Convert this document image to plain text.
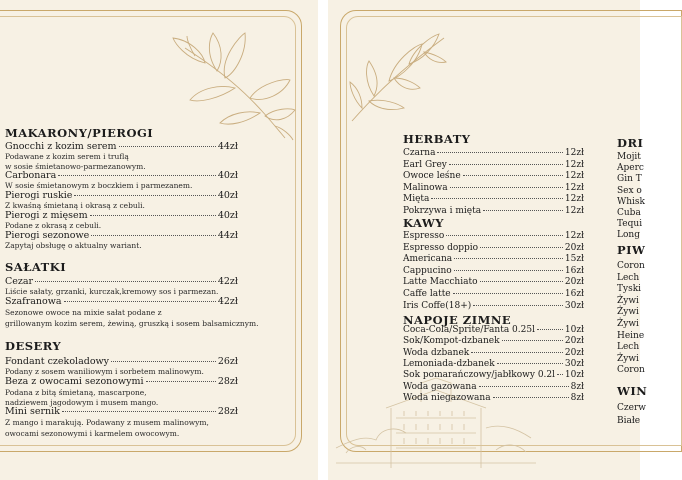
MAKARONY/PIEROGI
Gnocchi z kozim serem	44zł
Podawane z kozim serem i truflą
w sosie śmietanowo-parmezanowym.
Carbonara	40zł
W sosie śmietanowym z boczkiem i parmezanem.
Pierogi ruskie	40zł
Z kwaśną śmietaną i okrasą z cebuli.
Pierogi z mięsem	40zł
Podane z okrasą z cebuli.
Pierogi sezonowe	44zł
Zapytaj obsługę o aktualny wariant.
SAŁATKI
Cezar	42zł
Liście sałaty, grzanki, kurczak,kremowy sos i parmezan.
Szafranowa	42zł
Sezonowe owoce na mixie sałat podane z
grillowanym kozim serem, żewiną, gruszką i sosem balsamicznym.
DESERY
Fondant czekoladowy	26zł
Podany z sosem waniliowym i sorbetem malinowym.
Beza z owocami sezonowymi	28zł
Podana z bitą śmietaną, mascarpone,
nadziewem jagodowym i musem mango.
Mini sernik	28zł
Z mango i marakują. Podawany z musem malinowym,
owocami sezonowymi i karmelem owocowym.
HERBATY
Czarna	12zł
Earl Grey	12zł
Owoce leśne	12zł
Malinowa	12zł
Mięta	12zł
Pokrzywa i mięta	12zł
KAWY
Espresso	12zł
Espresso doppio	20zł
Americana	15zł
Cappucino	16zł
Latte Macchiato	20zł
Caffe latte	16zł
Iris Coffe(18+)	30zł
NAPOJE ZIMNE
Coca-Cola/Sprite/Fanta 0.25l	10zł
Sok/Kompot-dzbanek	20zł
Woda dzbanek	20zł
Lemoniada-dzbanek	30zł
Sok pomarańczowy/jabłkowy 0.2l 10zł
Woda gazowana	8zł
Woda niegazowana	8zł
DRI
Mojit
Aperc
Gin T
Sex o
Whisk
Cuba
Tequi
Long
PIW
Coron
Lech
Tyski
Żywi
Żywi
Żywi
Heine
Lech
Żywi
Coron
WIN
Czerw
Białe
